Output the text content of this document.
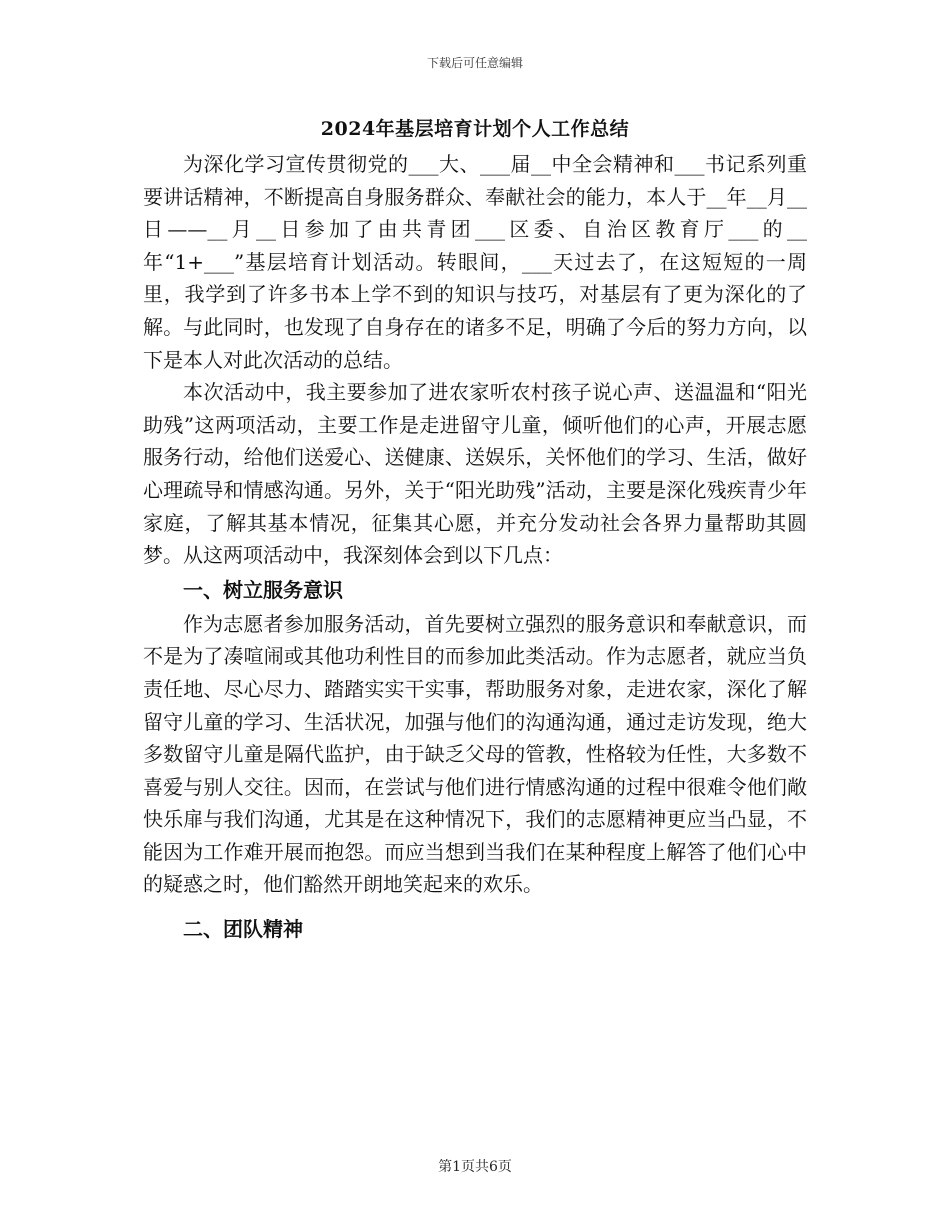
下载后可任意编辑
2024年基层培育计划个人工作总结

为深化学习宣传贯彻党的___大、___届__中全会精神和___书记系列重要讲话精神，不断提高自身服务群众、奉献社会的能力，本人于__年__月__日——__月__日参加了由共青团___区委、自治区教育厅___的__年“1+___”基层培育计划活动。转眼间，___天过去了，在这短短的一周里，我学到了许多书本上学不到的知识与技巧，对基层有了更为深化的了解。与此同时，也发现了自身存在的诸多不足，明确了今后的努力方向，以下是本人对此次活动的总结。

本次活动中，我主要参加了进农家听农村孩子说心声、送温温和“阳光助残”这两项活动，主要工作是走进留守儿童，倾听他们的心声，开展志愿服务行动，给他们送爱心、送健康、送娱乐，关怀他们的学习、生活，做好心理疏导和情感沟通。另外，关于“阳光助残”活动，主要是深化残疾青少年家庭，了解其基本情况，征集其心愿，并充分发动社会各界力量帮助其圆梦。从这两项活动中，我深刻体会到以下几点：

一、树立服务意识

作为志愿者参加服务活动，首先要树立强烈的服务意识和奉献意识，而不是为了凑喧闹或其他功利性目的而参加此类活动。作为志愿者，就应当负责任地、尽心尽力、踏踏实实干实事，帮助服务对象，走进农家，深化了解留守儿童的学习、生活状况，加强与他们的沟通沟通，通过走访发现，绝大多数留守儿童是隔代监护，由于缺乏父母的管教，性格较为任性，大多数不喜爱与别人交往。因而，在尝试与他们进行情感沟通的过程中很难令他们敞快乐扉与我们沟通，尤其是在这种情况下，我们的志愿精神更应当凸显，不能因为工作难开展而抱怨。而应当想到当我们在某种程度上解答了他们心中的疑惑之时，他们豁然开朗地笑起来的欢乐。

二、团队精神
第1页共6页
